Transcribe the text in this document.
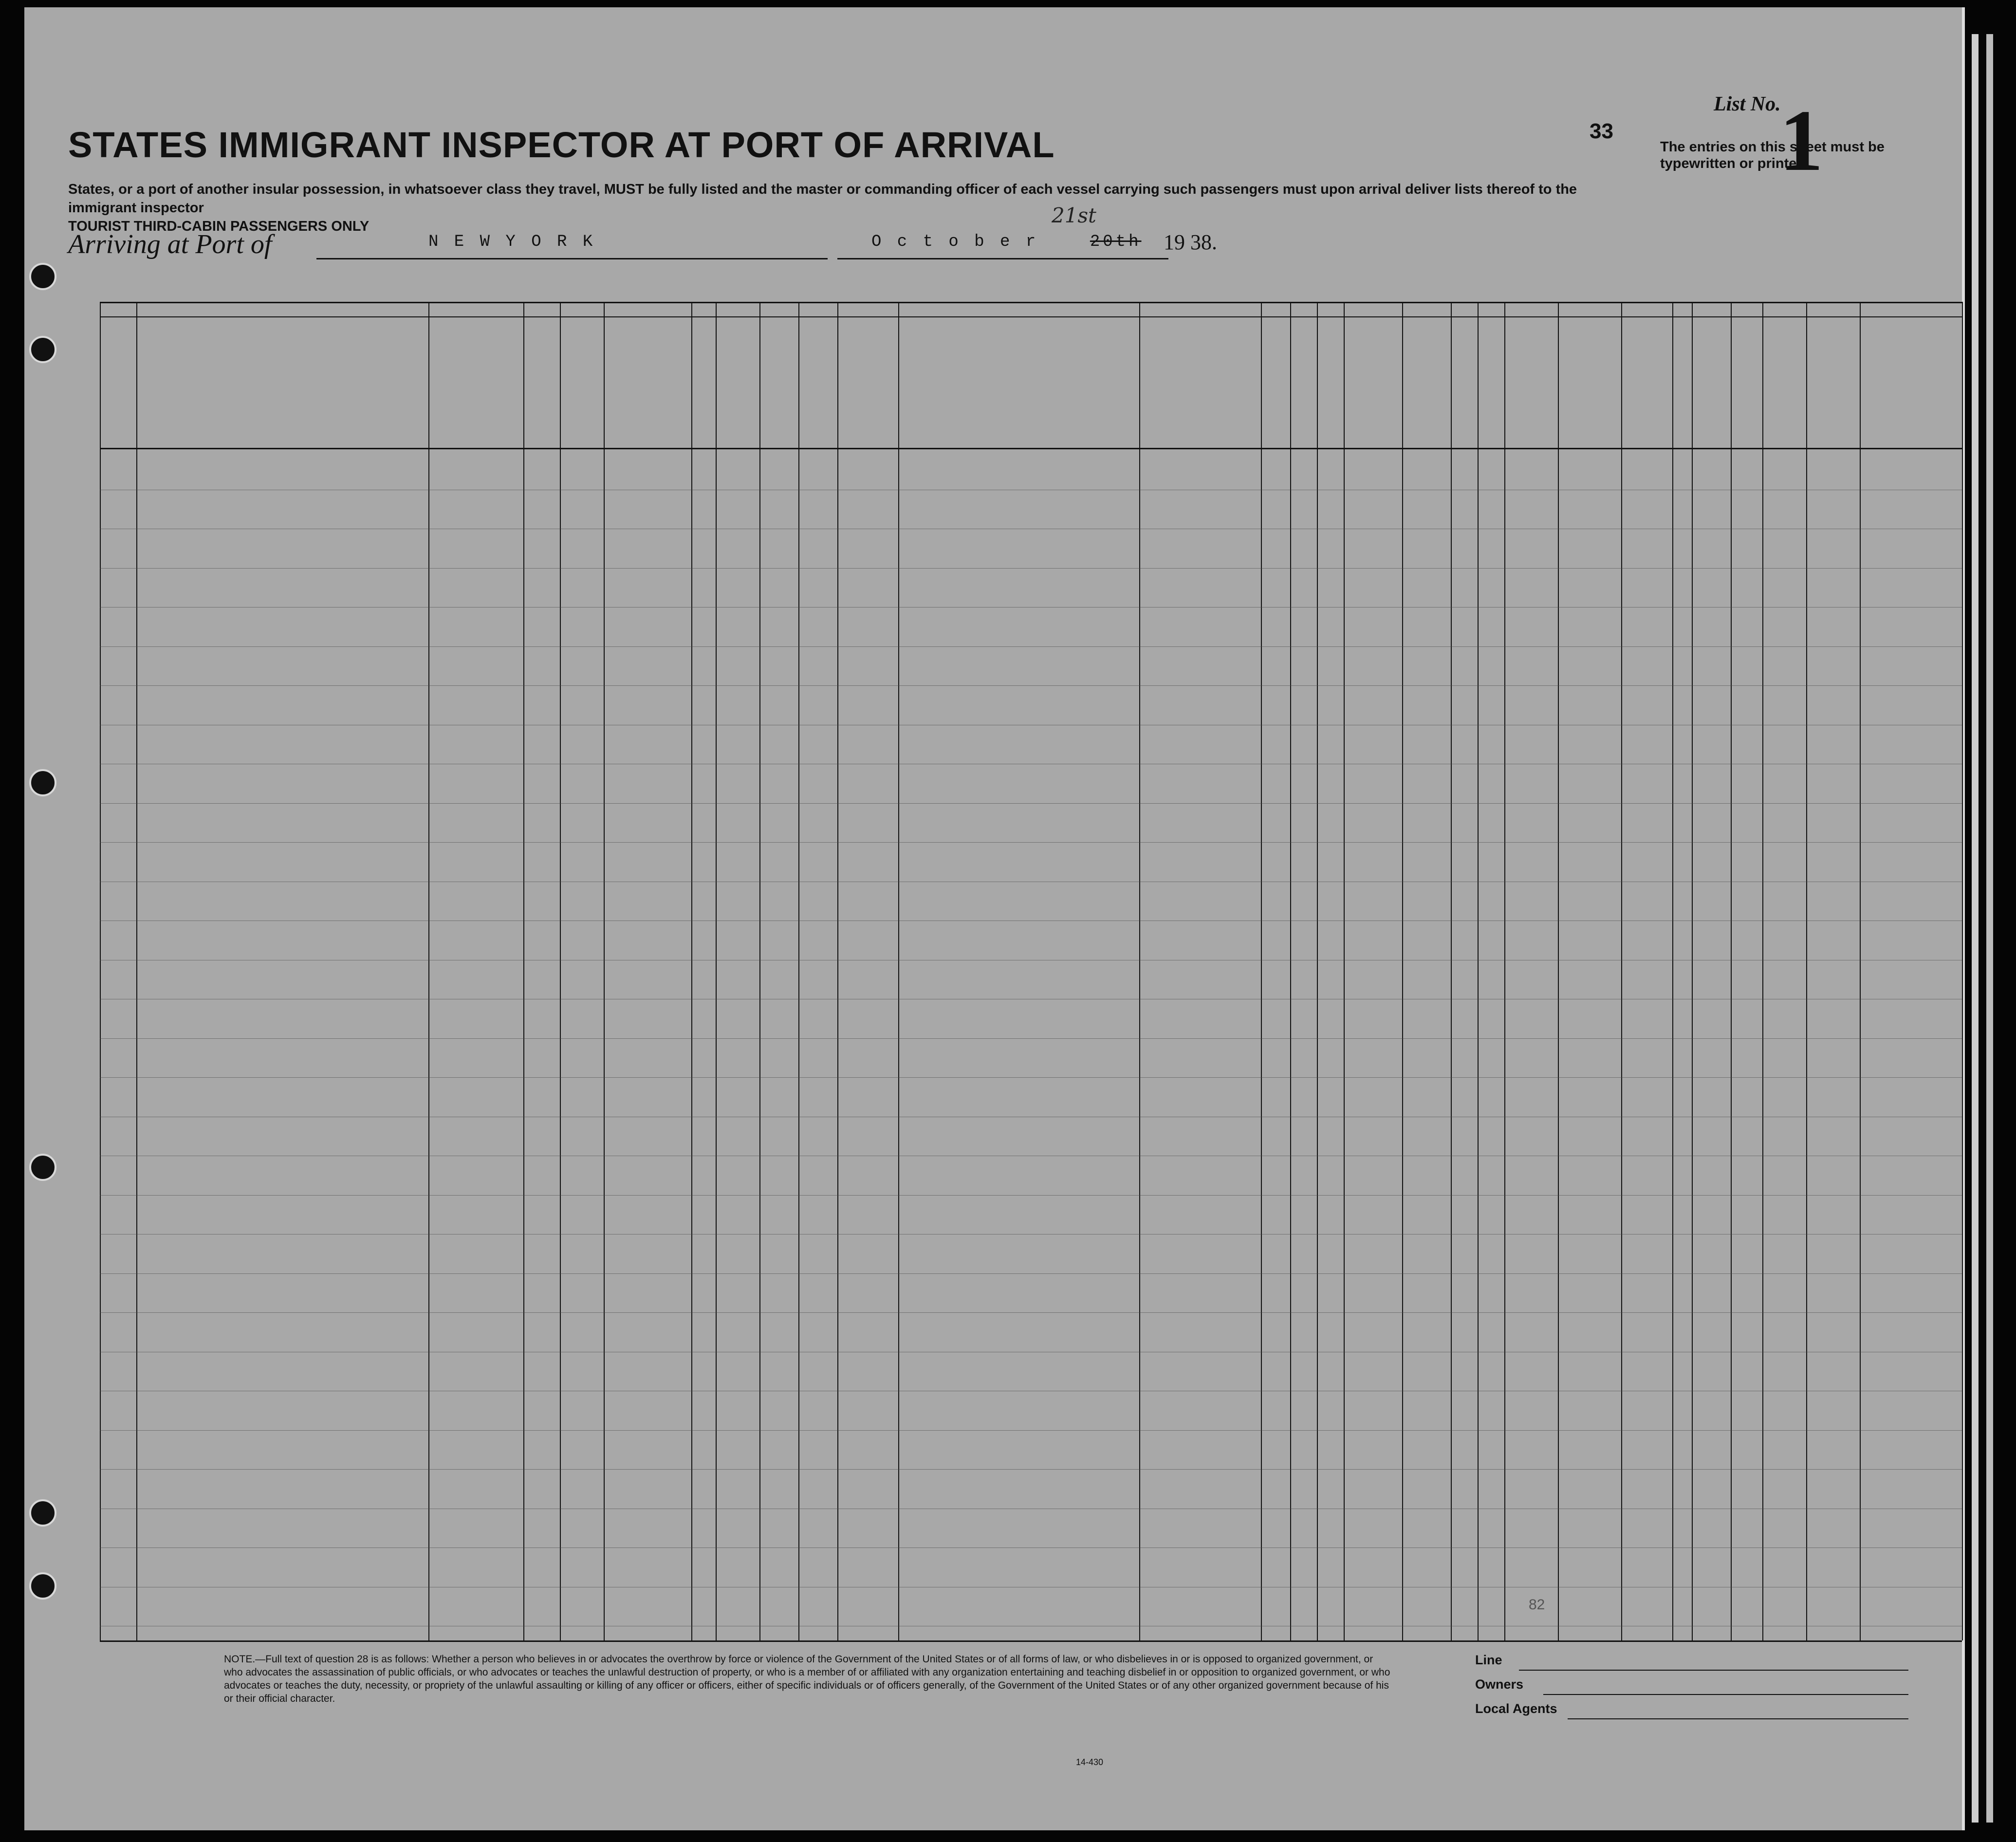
STATES IMMIGRANT INSPECTOR AT PORT OF ARRIVAL
States, or a port of another insular possession, in whatsoever class they travel, MUST be fully listed and the master or commanding officer of each vessel carrying such passengers must upon arrival deliver lists thereof to the immigrant inspector
TOURIST THIRD-CABIN PASSENGERS ONLY
Arriving at Port of	N E W Y O R K	O c t o b e r	20th
21st
19 38.
List No.
1
33
The entries on this sheet must be typewritten or printed.
NOTE.—Full text of question 28 is as follows: Whether a person who believes in or advocates the overthrow by force or violence of the Government of the United States or of all forms of law, or who disbelieves in or is opposed to organized government, or who advocates the assassination of public officials, or who advocates or teaches the unlawful destruction of property, or who is a member of or affiliated with any organization entertaining and teaching disbelief in or opposition to organized government, or who advocates or teaches the duty, necessity, or propriety of the unlawful assaulting or killing of any officer or officers, either of specific individuals or of officers generally, of the Government of the United States or of any other organized government because of his or their official character.
14-430
82
Line
Owners
Local Agents
